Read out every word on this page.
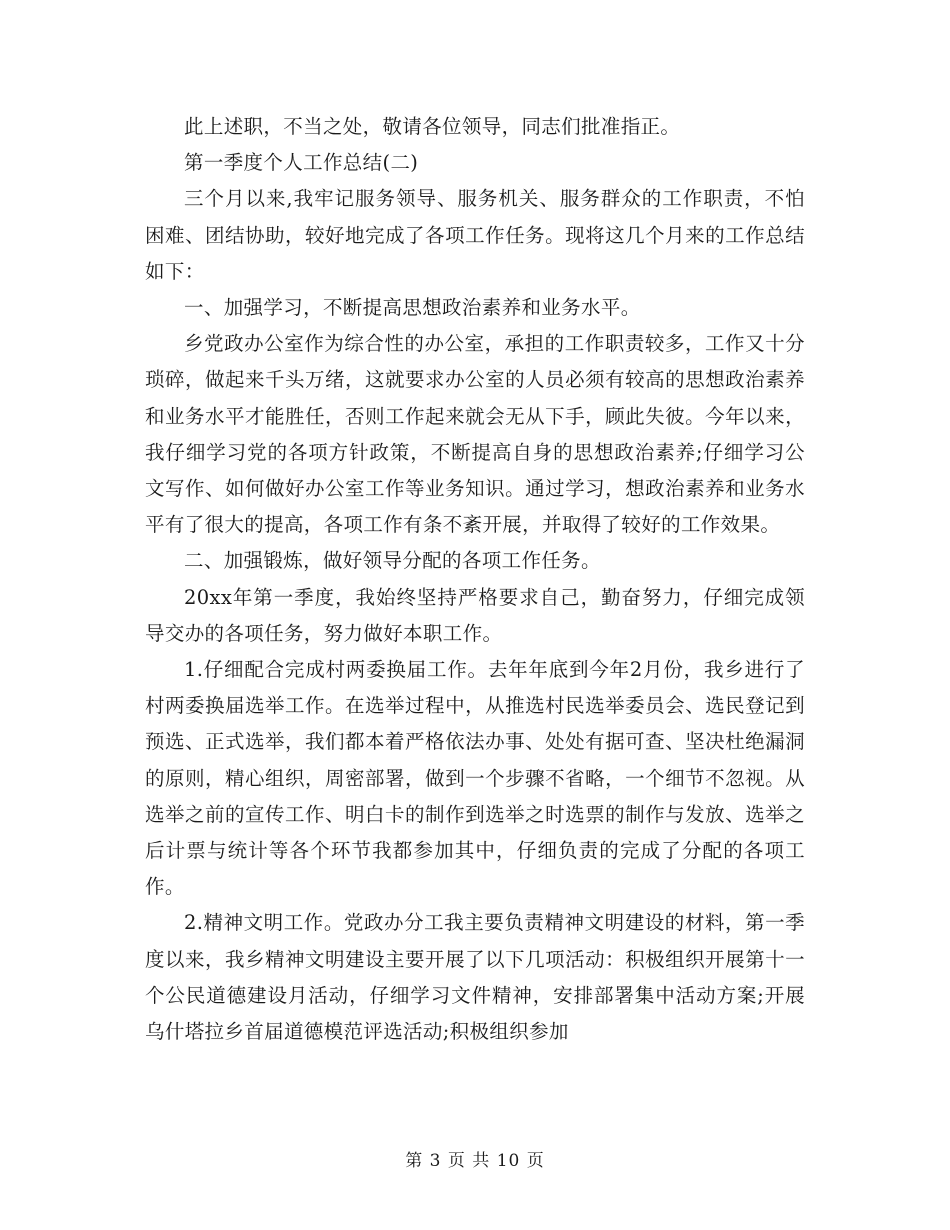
此上述职，不当之处，敬请各位领导，同志们批准指正。

第一季度个人工作总结(二)

三个月以来,我牢记服务领导、服务机关、服务群众的工作职责，不怕困难、团结协助，较好地完成了各项工作任务。现将这几个月来的工作总结如下：

一、加强学习，不断提高思想政治素养和业务水平。

乡党政办公室作为综合性的办公室，承担的工作职责较多，工作又十分琐碎，做起来千头万绪，这就要求办公室的人员必须有较高的思想政治素养和业务水平才能胜任，否则工作起来就会无从下手，顾此失彼。今年以来，我仔细学习党的各项方针政策，不断提高自身的思想政治素养;仔细学习公文写作、如何做好办公室工作等业务知识。通过学习，想政治素养和业务水平有了很大的提高，各项工作有条不紊开展，并取得了较好的工作效果。

二、加强锻炼，做好领导分配的各项工作任务。

20xx年第一季度，我始终坚持严格要求自己，勤奋努力，仔细完成领导交办的各项任务，努力做好本职工作。

1.仔细配合完成村两委换届工作。去年年底到今年2月份，我乡进行了村两委换届选举工作。在选举过程中，从推选村民选举委员会、选民登记到预选、正式选举，我们都本着严格依法办事、处处有据可查、坚决杜绝漏洞的原则，精心组织，周密部署，做到一个步骤不省略，一个细节不忽视。从选举之前的宣传工作、明白卡的制作到选举之时选票的制作与发放、选举之后计票与统计等各个环节我都参加其中，仔细负责的完成了分配的各项工作。

2.精神文明工作。党政办分工我主要负责精神文明建设的材料，第一季度以来，我乡精神文明建设主要开展了以下几项活动：积极组织开展第十一个公民道德建设月活动，仔细学习文件精神，安排部署集中活动方案;开展乌什塔拉乡首届道德模范评选活动;积极组织参加

第 3 页 共 10 页
